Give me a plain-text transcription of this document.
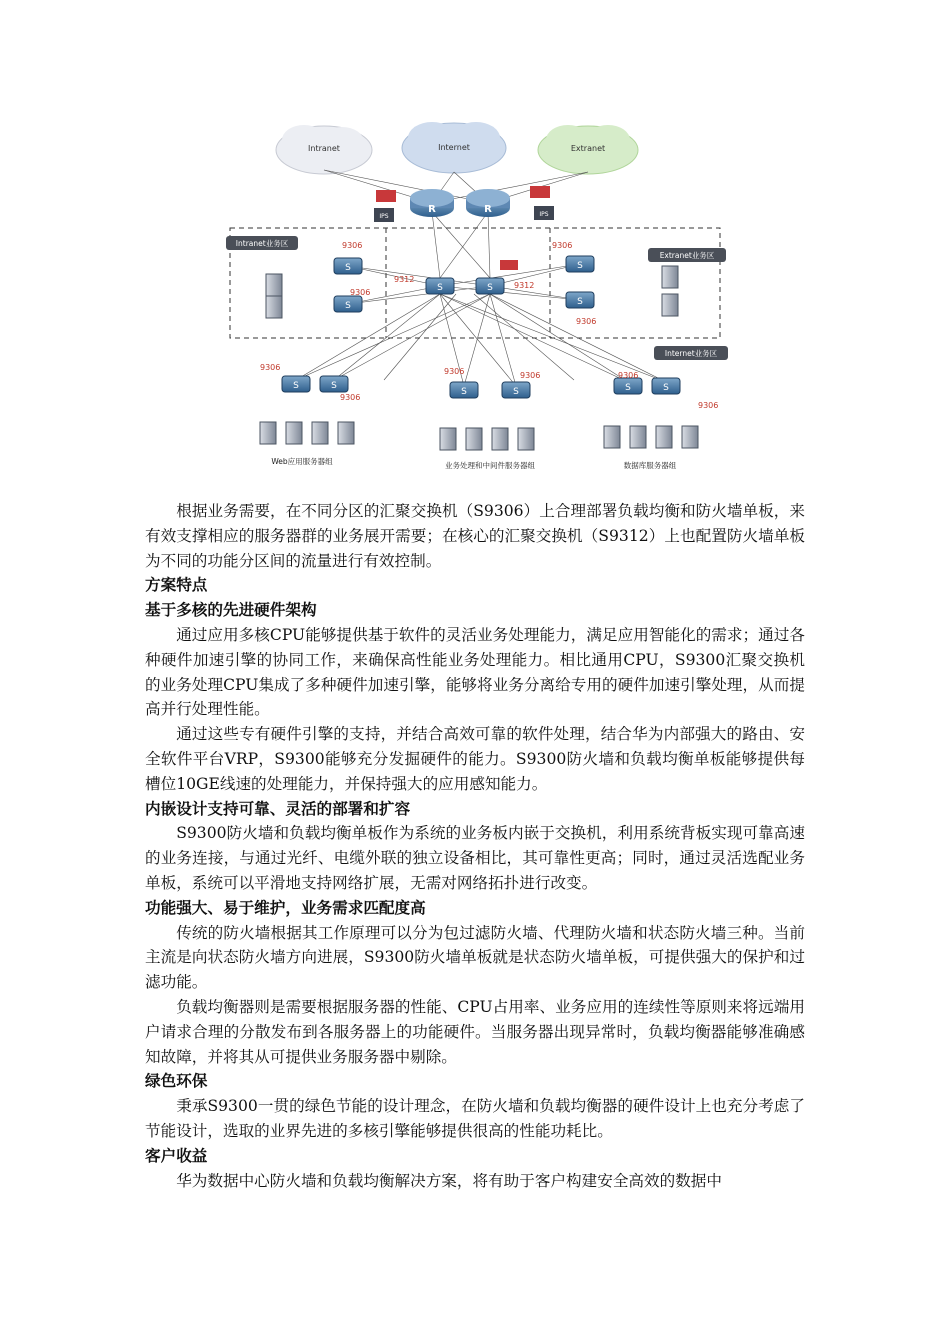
Intranet	Internet	Extranet
R	R
IPS	IPS
Intranet业务区
Extranet业务区
Internet业务区
S
S
S	S
S
S
S	S
S	S	S	S
9306
9306
9312
9312
9306
9306
9306
9306
9306	9306	9306
9306
Web应用服务器组	业务处理和中间件服务器组	数据库服务器组

根据业务需要，在不同分区的汇聚交换机（S9306）上合理部署负载均衡和防火墙单板，来有效支撑相应的服务器群的业务展开需要；在核心的汇聚交换机（S9312）上也配置防火墙单板为不同的功能分区间的流量进行有效控制。

方案特点
基于多核的先进硬件架构

通过应用多核CPU能够提供基于软件的灵活业务处理能力，满足应用智能化的需求；通过各种硬件加速引擎的协同工作，来确保高性能业务处理能力。相比通用CPU，S9300汇聚交换机的业务处理CPU集成了多种硬件加速引擎，能够将业务分离给专用的硬件加速引擎处理，从而提高并行处理性能。

通过这些专有硬件引擎的支持，并结合高效可靠的软件处理，结合华为内部强大的路由、安全软件平台VRP，S9300能够充分发掘硬件的能力。S9300防火墙和负载均衡单板能够提供每槽位10GE线速的处理能力，并保持强大的应用感知能力。

内嵌设计支持可靠、灵活的部署和扩容

S9300防火墙和负载均衡单板作为系统的业务板内嵌于交换机，利用系统背板实现可靠高速的业务连接，与通过光纤、电缆外联的独立设备相比，其可靠性更高；同时，通过灵活选配业务单板，系统可以平滑地支持网络扩展，无需对网络拓扑进行改变。

功能强大、易于维护，业务需求匹配度高

传统的防火墙根据其工作原理可以分为包过滤防火墙、代理防火墙和状态防火墙三种。当前主流是向状态防火墙方向进展，S9300防火墙单板就是状态防火墙单板，可提供强大的保护和过滤功能。

负载均衡器则是需要根据服务器的性能、CPU占用率、业务应用的连续性等原则来将远端用户请求合理的分散发布到各服务器上的功能硬件。当服务器出现异常时，负载均衡器能够准确感知故障，并将其从可提供业务服务器中剔除。

绿色环保

秉承S9300一贯的绿色节能的设计理念，在防火墙和负载均衡器的硬件设计上也充分考虑了节能设计，选取的业界先进的多核引擎能够提供很高的性能功耗比。

客户收益

华为数据中心防火墙和负载均衡解决方案，将有助于客户构建安全高效的数据中
